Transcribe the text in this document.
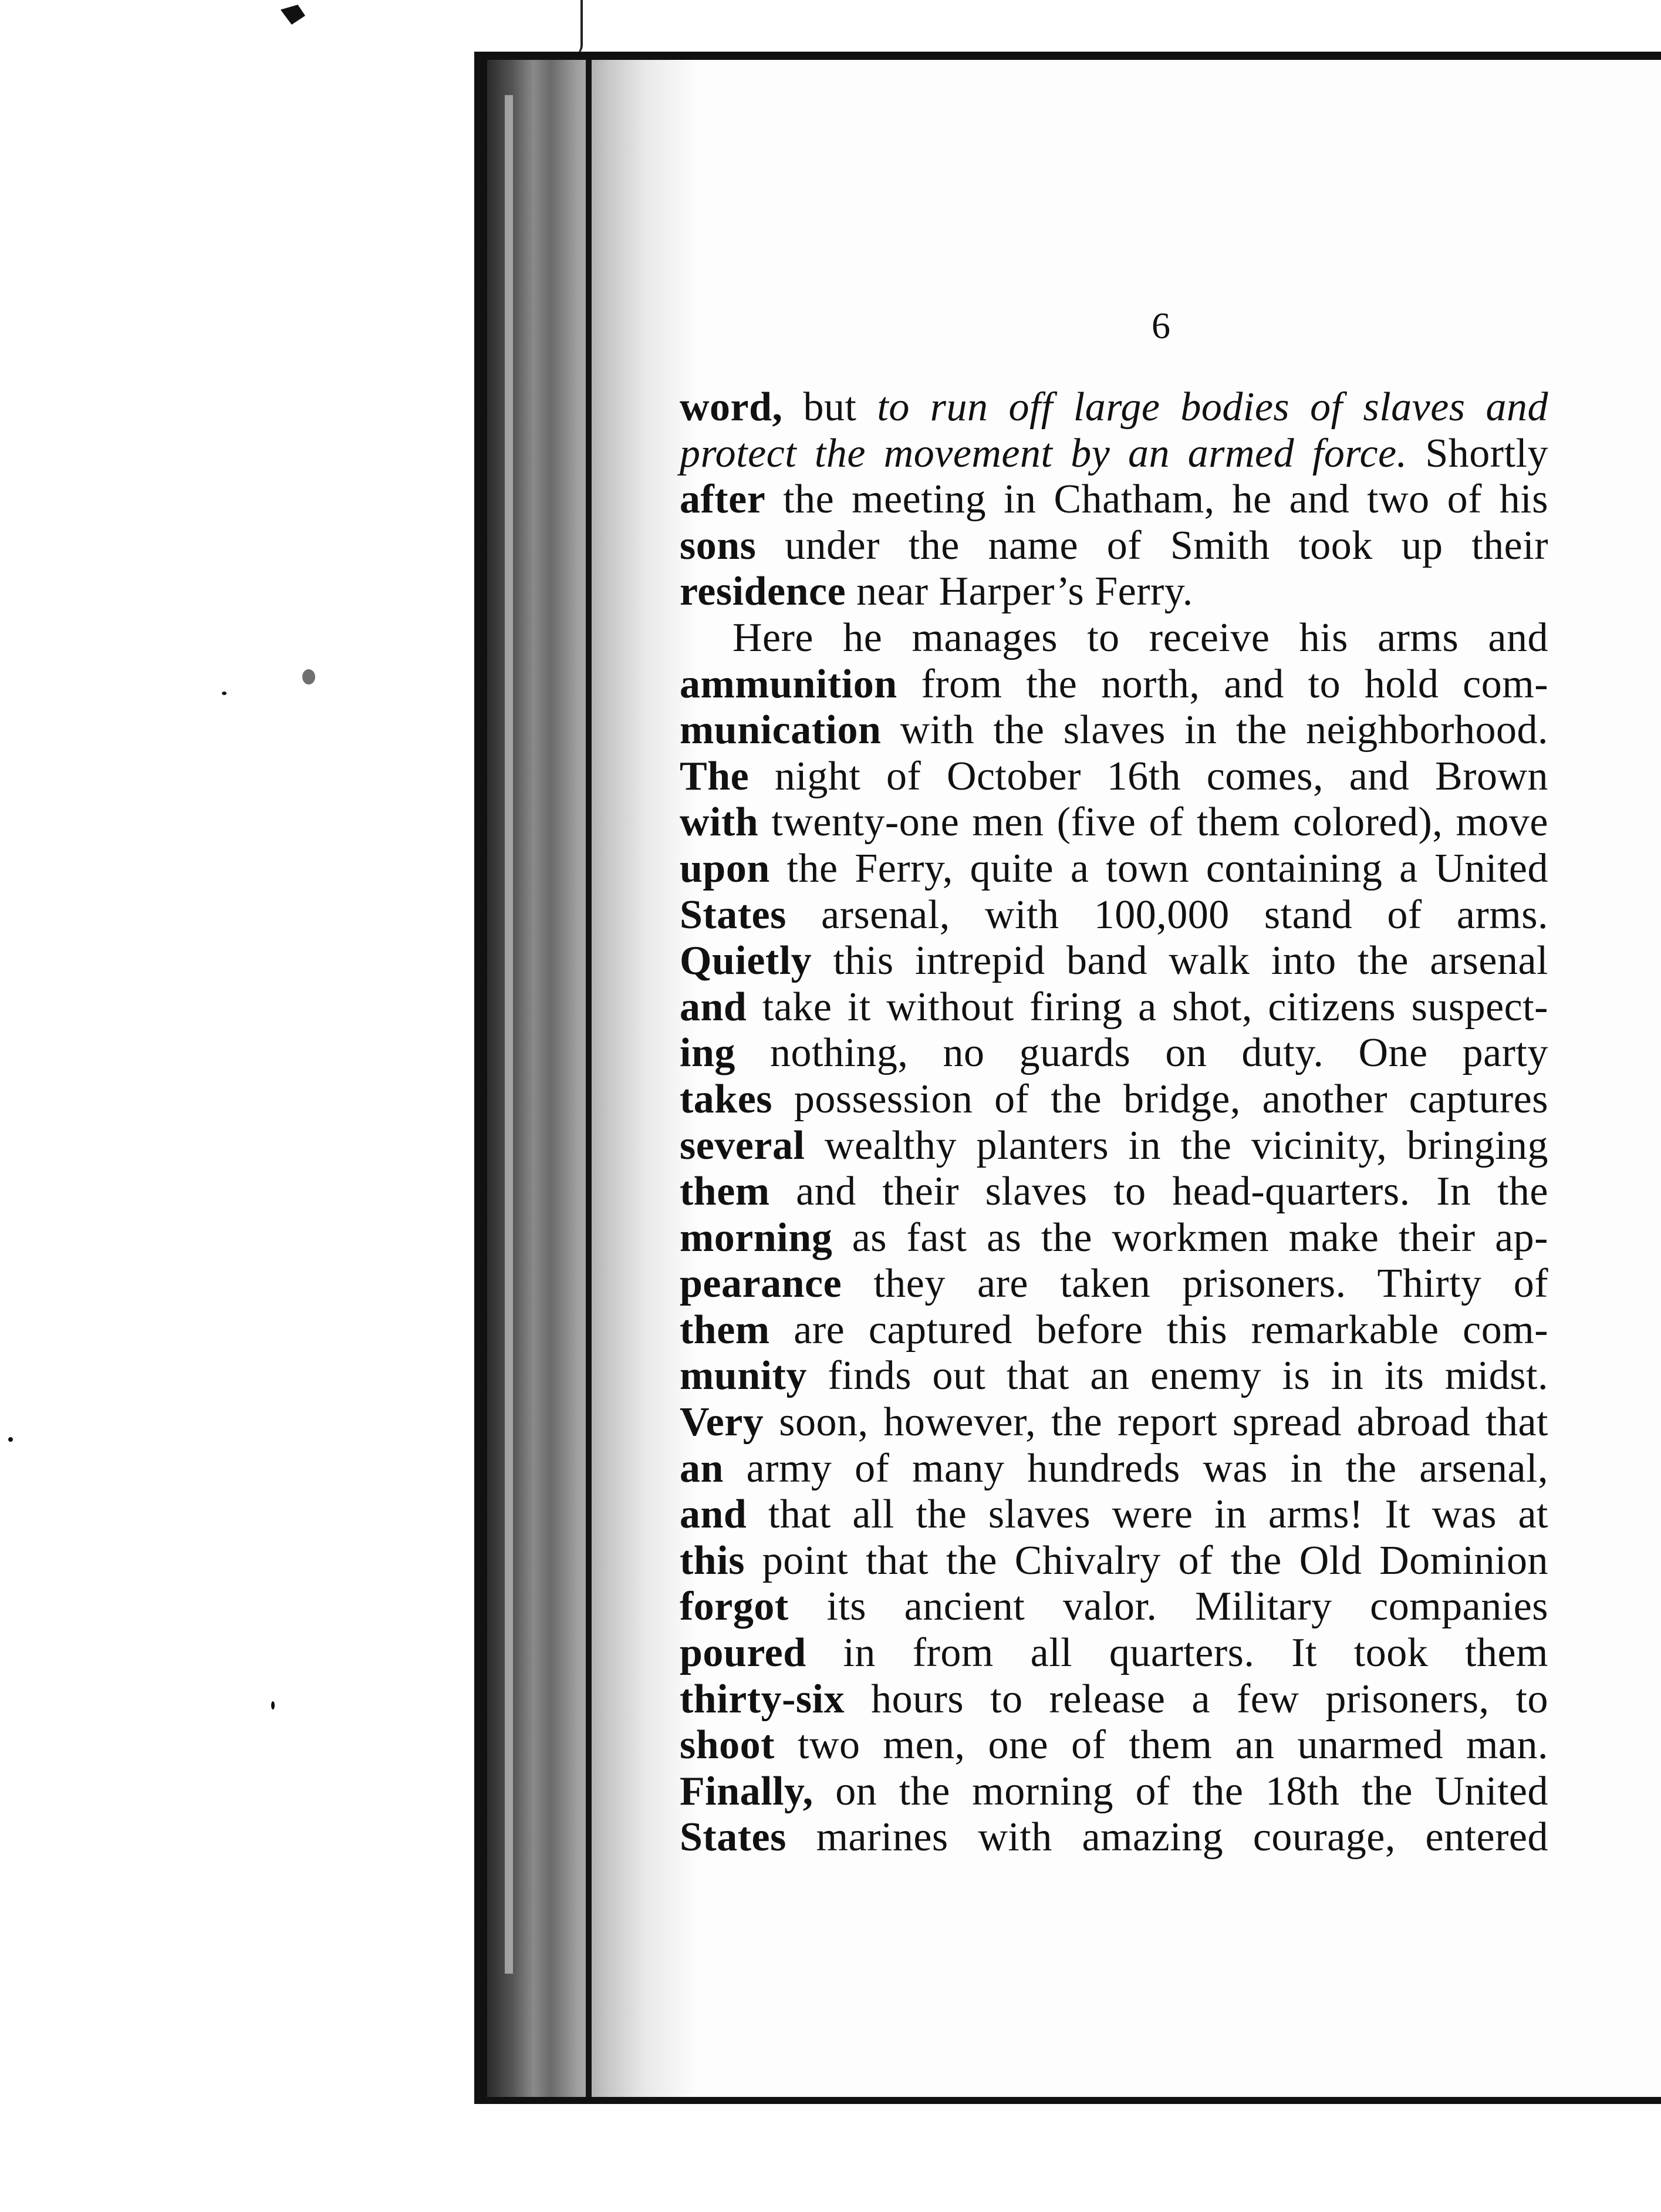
6
word, but to run off large bodies of slaves and
protect the movement by an armed force. Shortly
after the meeting in Chatham, he and two of his
sons under the name of Smith took up their
residence near Harper’s Ferry.
Here he manages to receive his arms and
ammunition from the north, and to hold com-
munication with the slaves in the neighborhood.
The night of October 16th comes, and Brown
with twenty-one men (five of them colored), move
upon the Ferry, quite a town containing a United
States arsenal, with 100,000 stand of arms.
Quietly this intrepid band walk into the arsenal
and take it without firing a shot, citizens suspect-
ing nothing, no guards on duty. One party
takes possession of the bridge, another captures
several wealthy planters in the vicinity, bringing
them and their slaves to head-quarters. In the
morning as fast as the workmen make their ap-
pearance they are taken prisoners. Thirty of
them are captured before this remarkable com-
munity finds out that an enemy is in its midst.
Very soon, however, the report spread abroad that
an army of many hundreds was in the arsenal,
and that all the slaves were in arms! It was at
this point that the Chivalry of the Old Dominion
forgot its ancient valor. Military companies
poured in from all quarters. It took them
thirty-six hours to release a few prisoners, to
shoot two men, one of them an unarmed man.
Finally, on the morning of the 18th the United
States marines with amazing courage, entered
